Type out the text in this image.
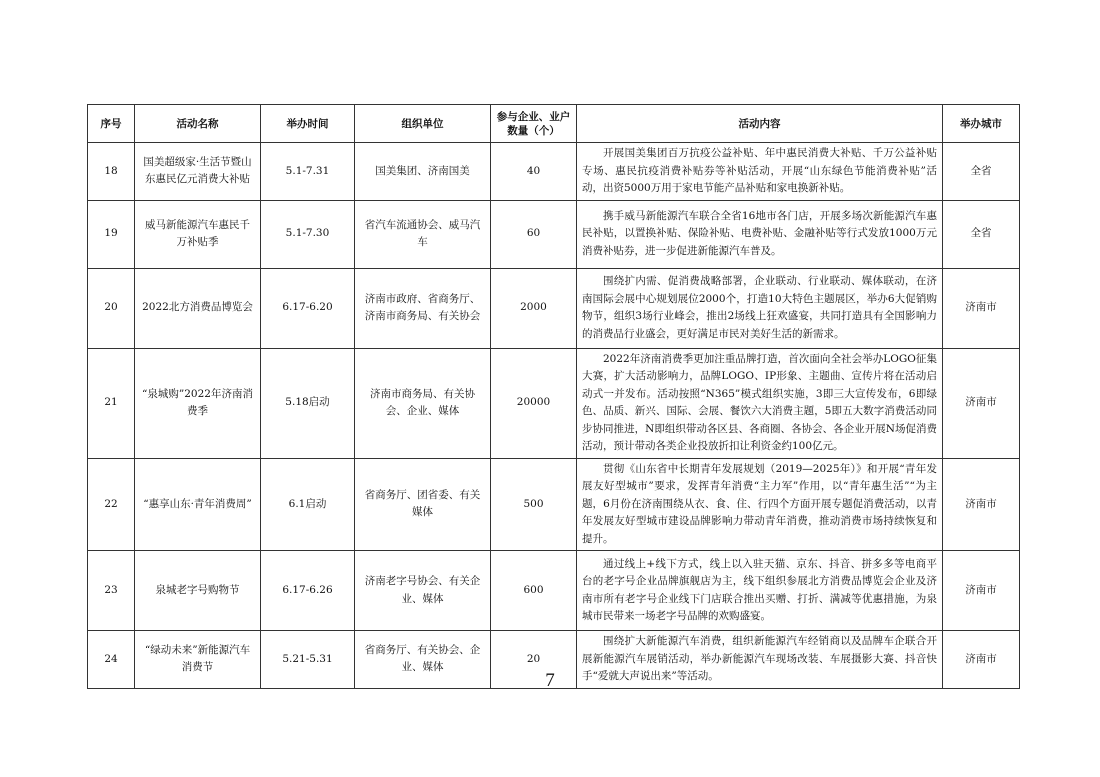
序号	活动名称	举办时间	组织单位	参与企业、业户数量（个）	活动内容	举办城市
18	国美超级家·生活节暨山东惠民亿元消费大补贴	5.1-7.31	国美集团、济南国美	40	开展国美集团百万抗疫公益补贴、年中惠民消费大补贴、千万公益补贴专场、惠民抗疫消费补贴券等补贴活动，开展“山东绿色节能消费补贴”活动，出资5000万用于家电节能产品补贴和家电换新补贴。	全省
19	威马新能源汽车惠民千万补贴季	5.1-7.30	省汽车流通协会、威马汽车	60	携手威马新能源汽车联合全省16地市各门店，开展多场次新能源汽车惠民补贴，以置换补贴、保险补贴、电费补贴、金融补贴等行式发放1000万元消费补贴券，进一步促进新能源汽车普及。	全省
20	2022北方消费品博览会	6.17-6.20	济南市政府、省商务厅、济南市商务局、有关协会	2000	围绕扩内需、促消费战略部署，企业联动、行业联动、媒体联动，在济南国际会展中心规划展位2000个，打造10大特色主题展区，举办6大促销购物节，组织3场行业峰会，推出2场线上狂欢盛宴，共同打造具有全国影响力的消费品行业盛会，更好满足市民对美好生活的新需求。	济南市
21	“泉城购”2022年济南消费季	5.18启动	济南市商务局、有关协会、企业、媒体	20000	2022年济南消费季更加注重品牌打造，首次面向全社会举办LOGO征集大赛，扩大活动影响力，品牌LOGO、IP形象、主题曲、宣传片将在活动启动式一并发布。活动按照“N365”模式组织实施，3即三大宣传发布，6即绿色、品质、新兴、国际、会展、餐饮六大消费主题，5即五大数字消费活动同步协同推进，N即组织带动各区县、各商圈、各协会、各企业开展N场促消费活动，预计带动各类企业投放折扣让利资金约100亿元。	济南市
22	“惠享山东·青年消费周”	6.1启动	省商务厅、团省委、有关媒体	500	贯彻《山东省中长期青年发展规划（2019—2025年）》和开展“青年发展友好型城市”要求，发挥青年消费“主力军”作用，以“青年惠生活”“为主题，6月份在济南围绕从衣、食、住、行四个方面开展专题促消费活动，以青年发展友好型城市建设品牌影响力带动青年消费，推动消费市场持续恢复和提升。	济南市
23	泉城老字号购物节	6.17-6.26	济南老字号协会、有关企业、媒体	600	通过线上+线下方式，线上以入驻天猫、京东、抖音、拼多多等电商平台的老字号企业品牌旗舰店为主，线下组织参展北方消费品博览会企业及济南市所有老字号企业线下门店联合推出买赠、打折、满减等优惠措施，为泉城市民带来一场老字号品牌的欢购盛宴。	济南市
24	“绿动未来”新能源汽车消费节	5.21-5.31	省商务厅、有关协会、企业、媒体	20	围绕扩大新能源汽车消费，组织新能源汽车经销商以及品牌车企联合开展新能源汽车展销活动，举办新能源汽车现场改装、车展摄影大赛、抖音快手“爱就大声说出来”等活动。	济南市
7
